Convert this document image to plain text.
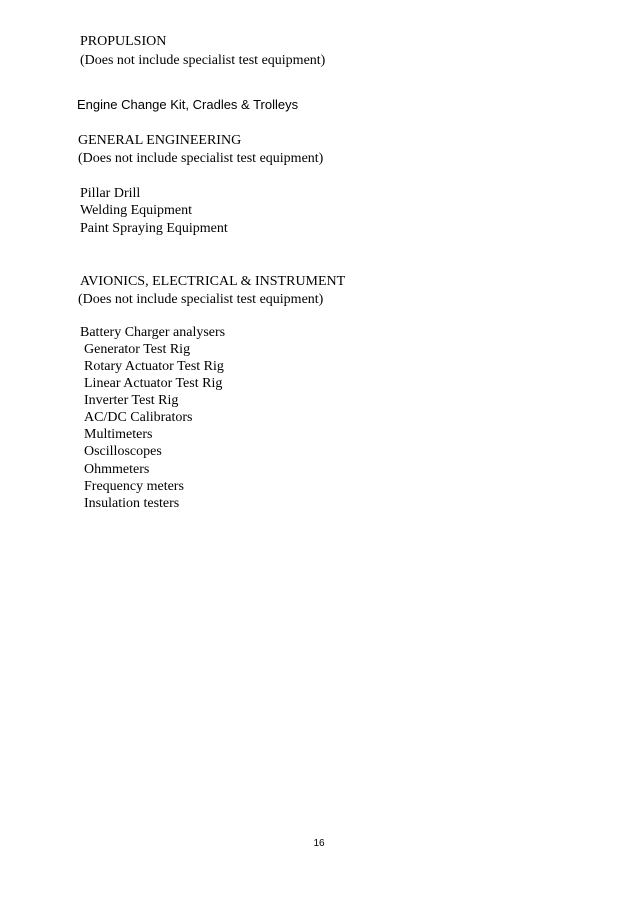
PROPULSION
(Does not include specialist test equipment)
Engine Change Kit, Cradles & Trolleys
GENERAL ENGINEERING
(Does not include specialist test equipment)
Pillar Drill
Welding Equipment
Paint Spraying Equipment
AVIONICS, ELECTRICAL & INSTRUMENT
(Does not include specialist test equipment)
Battery Charger analysers
Generator Test Rig
Rotary Actuator Test Rig
Linear Actuator Test Rig
Inverter Test Rig
AC/DC Calibrators
Multimeters
Oscilloscopes
Ohmmeters
Frequency meters
Insulation testers
16
